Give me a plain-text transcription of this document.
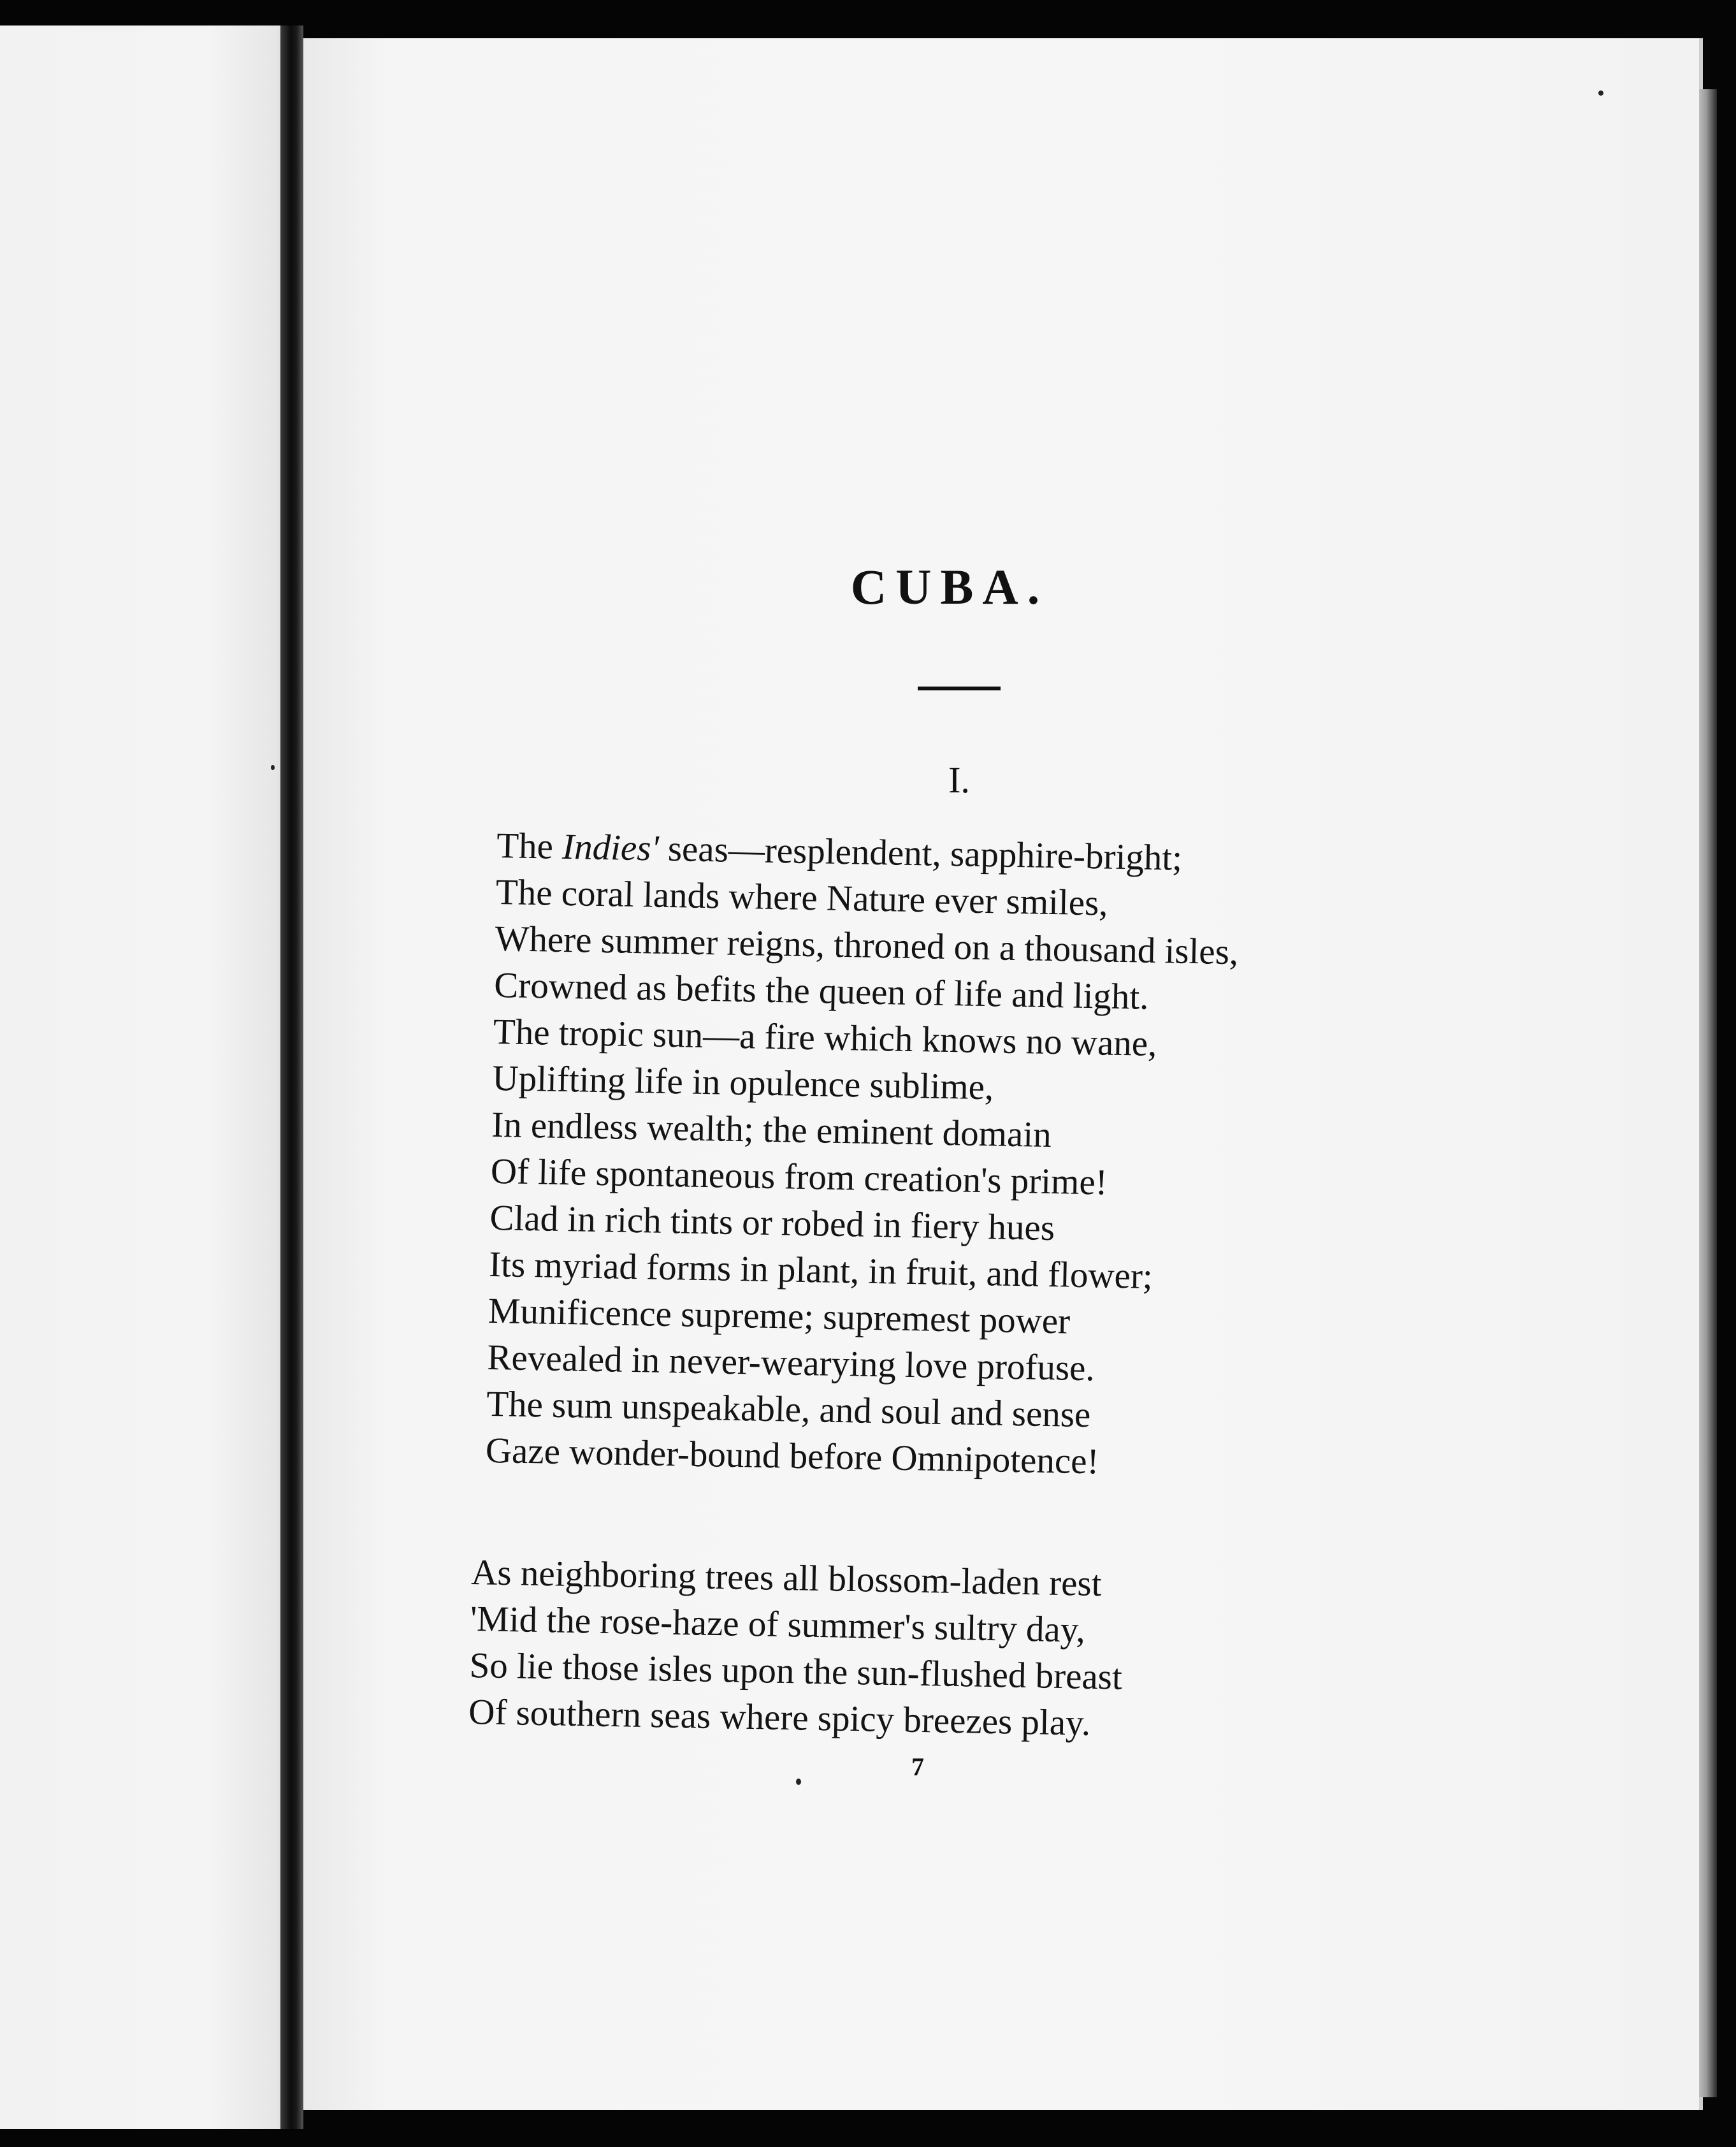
CUBA.

I.

The Indies' seas—resplendent, sapphire-bright;
The coral lands where Nature ever smiles,
Where summer reigns, throned on a thousand isles,
Crowned as befits the queen of life and light.
The tropic sun—a fire which knows no wane,
Uplifting life in opulence sublime,
In endless wealth; the eminent domain
Of life spontaneous from creation's prime!
Clad in rich tints or robed in fiery hues
Its myriad forms in plant, in fruit, and flower;
Munificence supreme; supremest power
Revealed in never-wearying love profuse.
The sum unspeakable, and soul and sense
Gaze wonder-bound before Omnipotence!
As neighboring trees all blossom-laden rest
'Mid the rose-haze of summer's sultry day,
So lie those isles upon the sun-flushed breast
Of southern seas where spicy breezes play.

7
